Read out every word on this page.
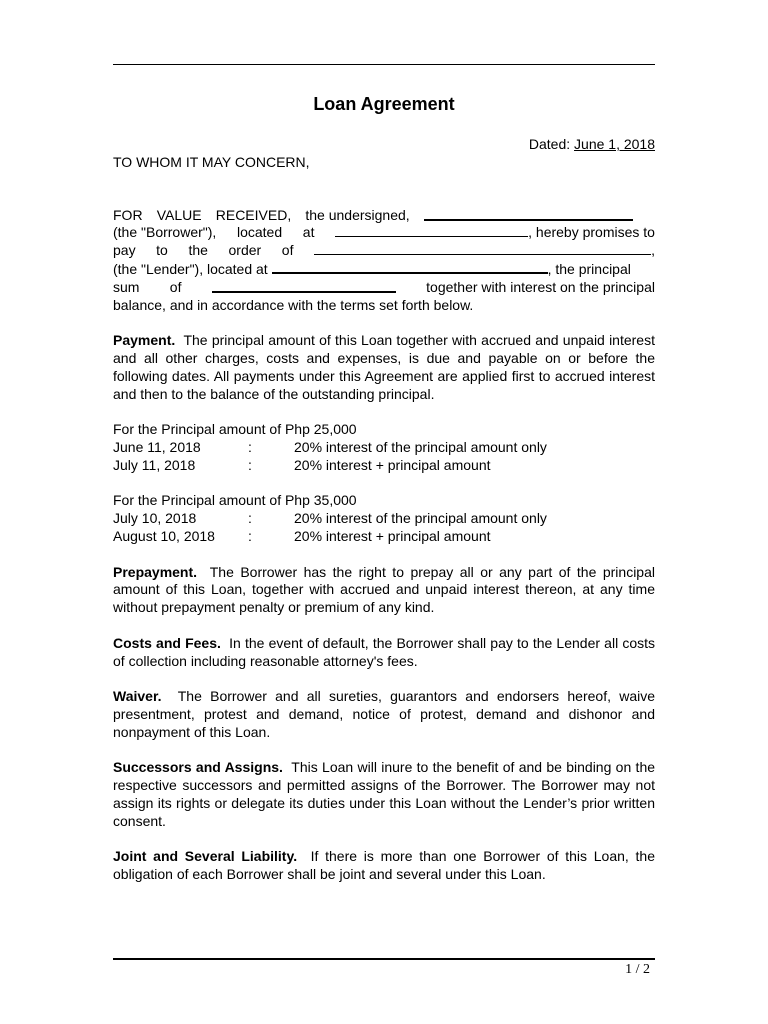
Loan Agreement

Dated: June 1, 2018

TO WHOM IT MAY CONCERN,

FOR VALUE RECEIVED, the undersigned,
(the "Borrower"), located at	, hereby promises to
pay to the order of	,
(the "Lender"), located at	, the principal
sum of	together with interest on the principal
balance, and in accordance with the terms set forth below.

Payment. The principal amount of this Loan together with accrued and unpaid interest and all other charges, costs and expenses, is due and payable on or before the following dates. All payments under this Agreement are applied first to accrued interest and then to the balance of the outstanding principal.

For the Principal amount of Php 25,000
June 11, 2018	:	20% interest of the principal amount only
July 11, 2018	:	20% interest + principal amount
For the Principal amount of Php 35,000
July 10, 2018	:	20% interest of the principal amount only
August 10, 2018	:	20% interest + principal amount

Prepayment. The Borrower has the right to prepay all or any part of the principal amount of this Loan, together with accrued and unpaid interest thereon, at any time without prepayment penalty or premium of any kind.

Costs and Fees. In the event of default, the Borrower shall pay to the Lender all costs of collection including reasonable attorney's fees.

Waiver. The Borrower and all sureties, guarantors and endorsers hereof, waive presentment, protest and demand, notice of protest, demand and dishonor and nonpayment of this Loan.

Successors and Assigns. This Loan will inure to the benefit of and be binding on the respective successors and permitted assigns of the Borrower. The Borrower may not assign its rights or delegate its duties under this Loan without the Lender’s prior written consent.

Joint and Several Liability. If there is more than one Borrower of this Loan, the obligation of each Borrower shall be joint and several under this Loan.

1 / 2
